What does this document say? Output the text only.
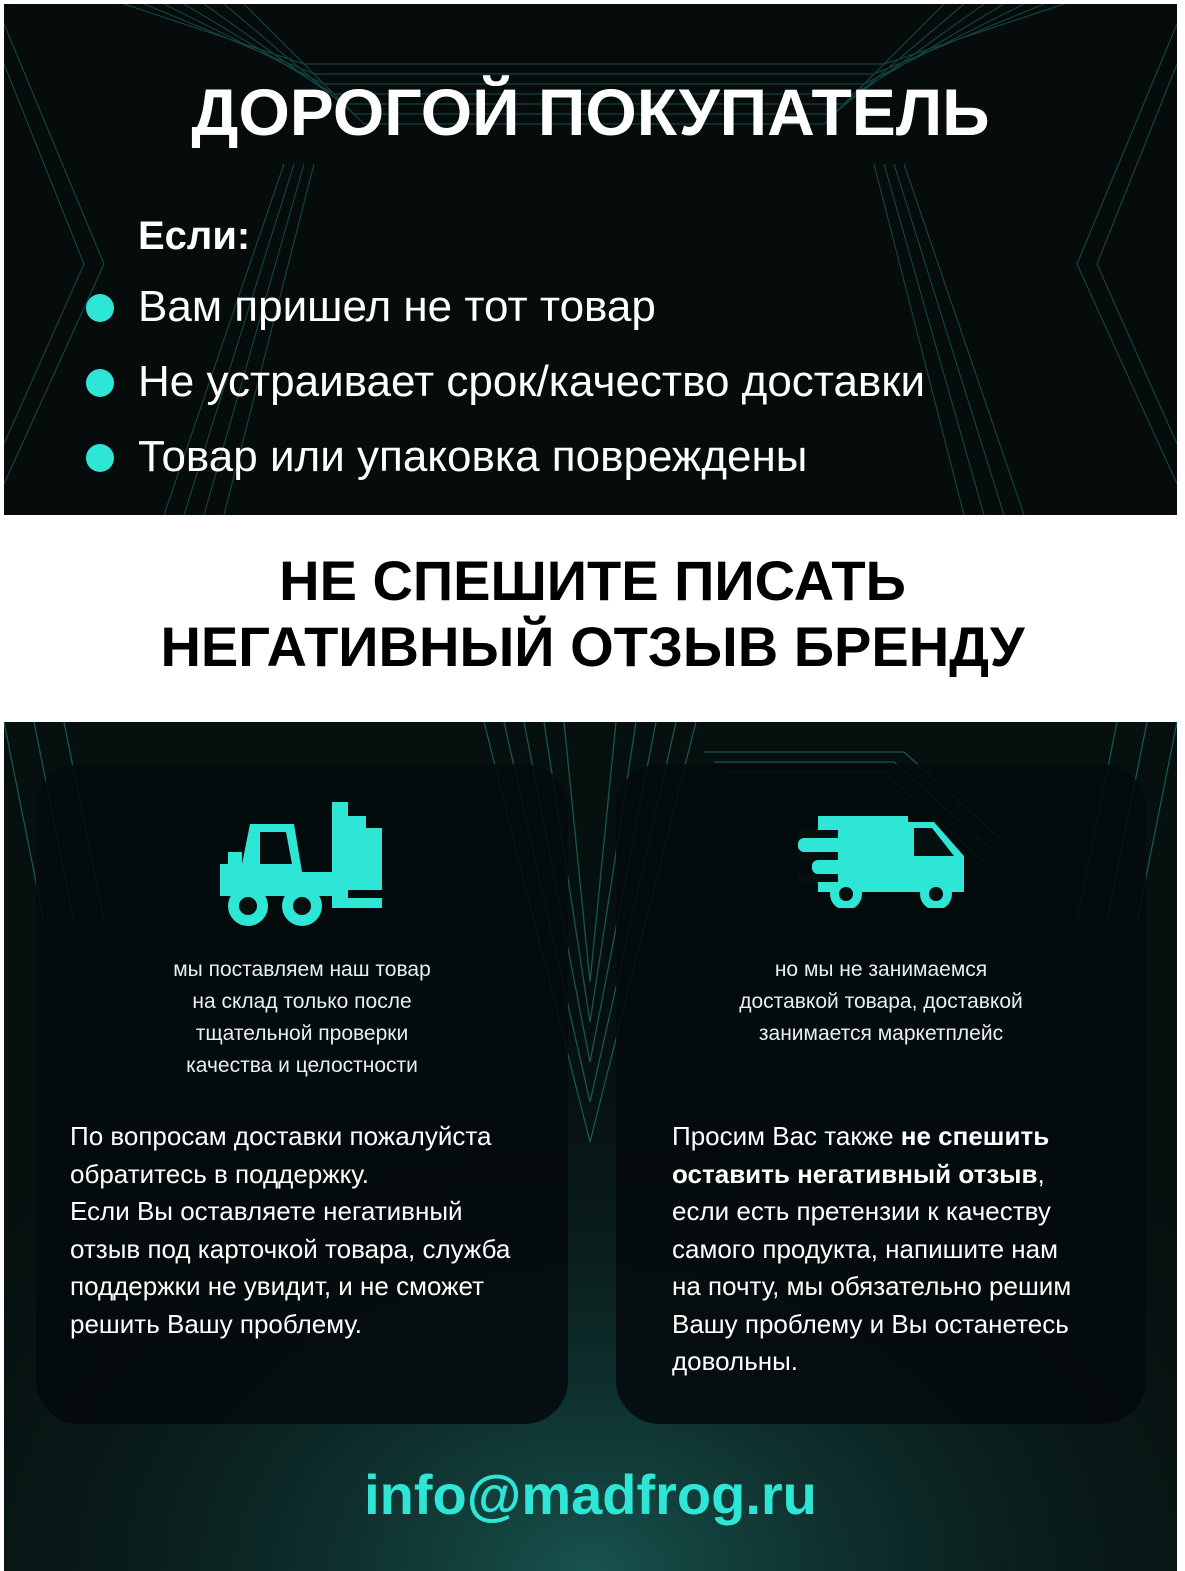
ДОРОГОЙ ПОКУПАТЕЛЬ
Если:
Вам пришел не тот товар
Не устраивает срок/качество доставки
Товар или упаковка повреждены
НЕ СПЕШИТЕ ПИСАТЬ
НЕГАТИВНЫЙ ОТЗЫВ БРЕНДУ
мы поставляем наш товар
на склад только после
тщательной проверки
качества и целостности
По вопросам доставки пожалуйста
обратитесь в поддержку.
Если Вы оставляете негативный
отзыв под карточкой товара, служба
поддержки не увидит, и не сможет
решить Вашу проблему.
но мы не занимаемся
доставкой товара, доставкой
занимается маркетплейс
Просим Вас также не спешить
оставить негативный отзыв,
если есть претензии к качеству
самого продукта, напишите нам
на почту, мы обязательно решим
Вашу проблему и Вы останетесь
довольны.
info@madfrog.ru
